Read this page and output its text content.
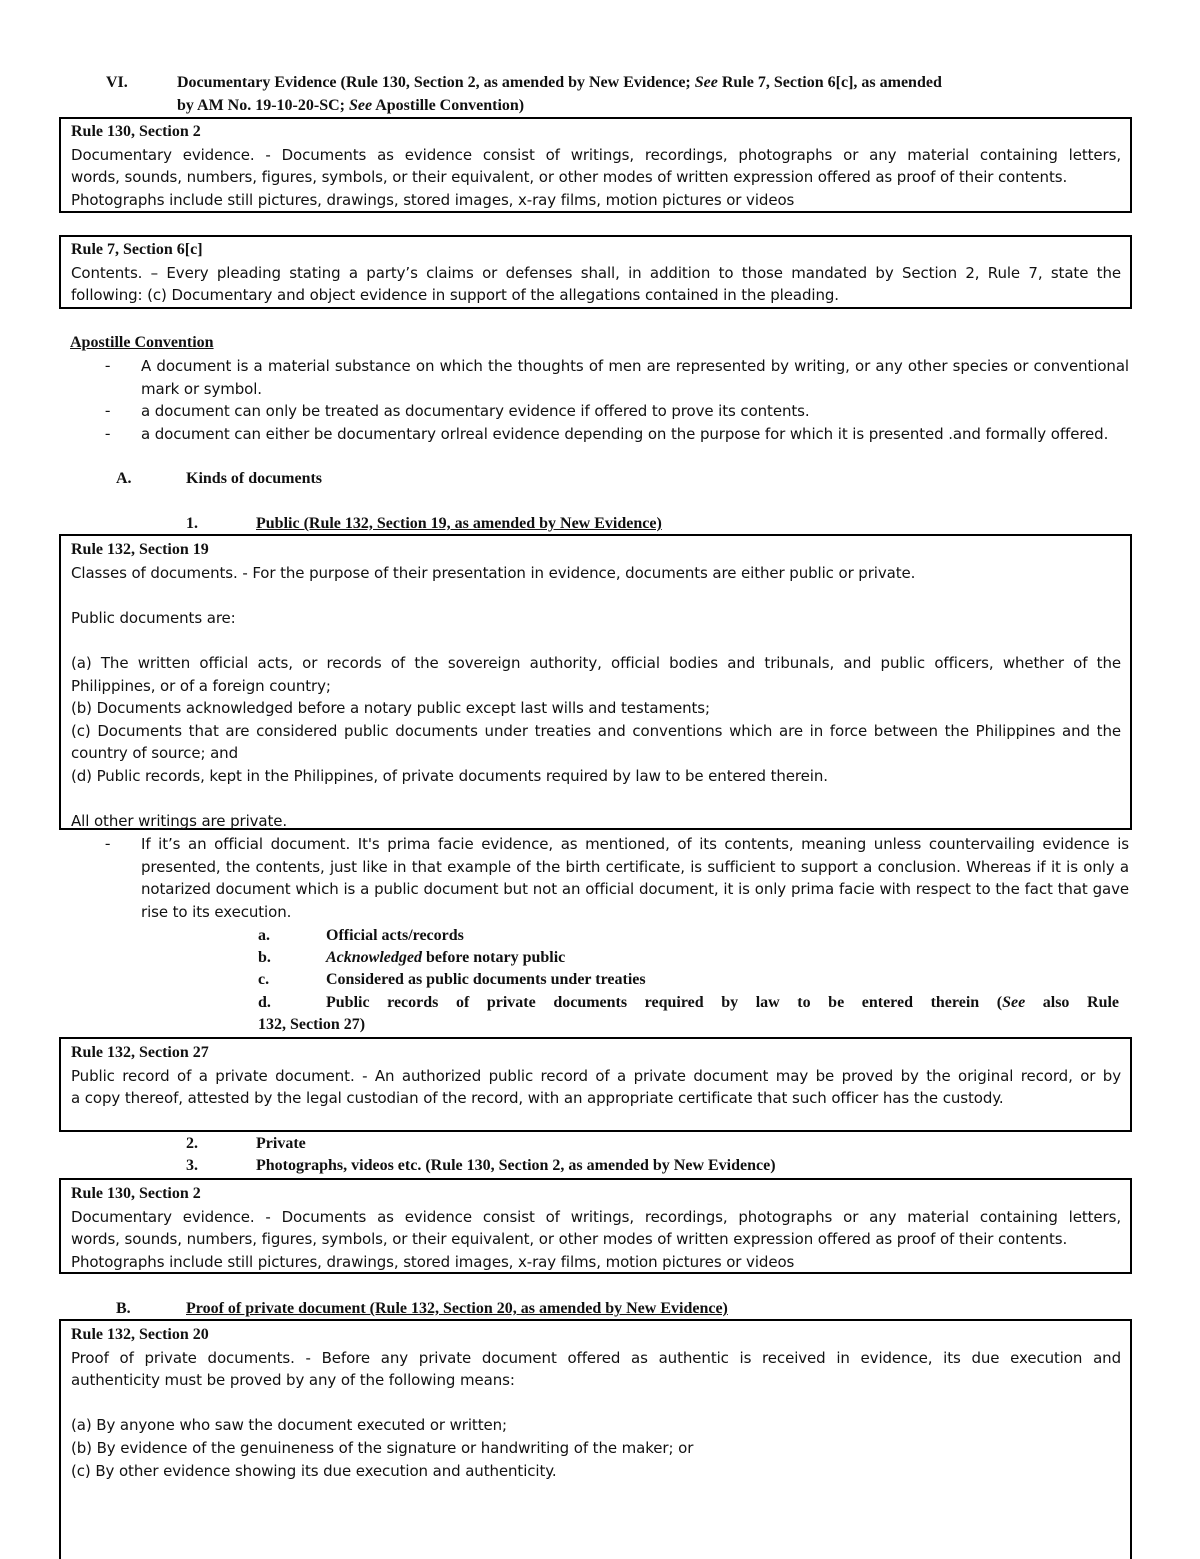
VI.	Documentary Evidence (Rule 130, Section 2, as amended by New Evidence; See Rule 7, Section 6[c], as amended
by AM No. 19-10-20-SC; See Apostille Convention)
Rule 130, Section 2
Documentary evidence. - Documents as evidence consist of writings, recordings, photographs or any material containing letters,
words, sounds, numbers, figures, symbols, or their equivalent, or other modes of written expression offered as proof of their contents.
Photographs include still pictures, drawings, stored images, x-ray films, motion pictures or videos
Rule 7, Section 6[c]
Contents. – Every pleading stating a party’s claims or defenses shall, in addition to those mandated by Section 2, Rule 7, state the
following: (c) Documentary and object evidence in support of the allegations contained in the pleading.
Apostille Convention
- A document is a material substance on which the thoughts of men are represented by writing, or any other species or conventional mark or symbol.
- a document can only be treated as documentary evidence if offered to prove its contents.
- a document can either be documentary orlreal evidence depending on the purpose for which it is presented .and formally offered.
A.	Kinds of documents
1.	Public (Rule 132, Section 19, as amended by New Evidence)
Rule 132, Section 19
Classes of documents. - For the purpose of their presentation in evidence, documents are either public or private.
Public documents are:
(a) The written official acts, or records of the sovereign authority, official bodies and tribunals, and public officers, whether of the
Philippines, or of a foreign country;
(b) Documents acknowledged before a notary public except last wills and testaments;
(c) Documents that are considered public documents under treaties and conventions which are in force between the Philippines and the
country of source; and
(d) Public records, kept in the Philippines, of private documents required by law to be entered therein.
All other writings are private.
- If it’s an official document. It's prima facie evidence, as mentioned, of its contents, meaning unless countervailing evidence is presented, the contents, just like in that example of the birth certificate, is sufficient to support a conclusion. Whereas if it is only a notarized document which is a public document but not an official document, it is only prima facie with respect to the fact that gave rise to its execution.
a.	Official acts/records
b.	Acknowledged before notary public
c.	Considered as public documents under treaties
d.	Public records of private documents required by law to be entered therein (See also Rule
132, Section 27)
Rule 132, Section 27
Public record of a private document. - An authorized public record of a private document may be proved by the original record, or by
a copy thereof, attested by the legal custodian of the record, with an appropriate certificate that such officer has the custody.
2.	Private
3.	Photographs, videos etc. (Rule 130, Section 2, as amended by New Evidence)
Rule 130, Section 2
Documentary evidence. - Documents as evidence consist of writings, recordings, photographs or any material containing letters,
words, sounds, numbers, figures, symbols, or their equivalent, or other modes of written expression offered as proof of their contents.
Photographs include still pictures, drawings, stored images, x-ray films, motion pictures or videos
B.	Proof of private document (Rule 132, Section 20, as amended by New Evidence)
Rule 132, Section 20
Proof of private documents. - Before any private document offered as authentic is received in evidence, its due execution and
authenticity must be proved by any of the following means:
(a) By anyone who saw the document executed or written;
(b) By evidence of the genuineness of the signature or handwriting of the maker; or
(c) By other evidence showing its due execution and authenticity.
